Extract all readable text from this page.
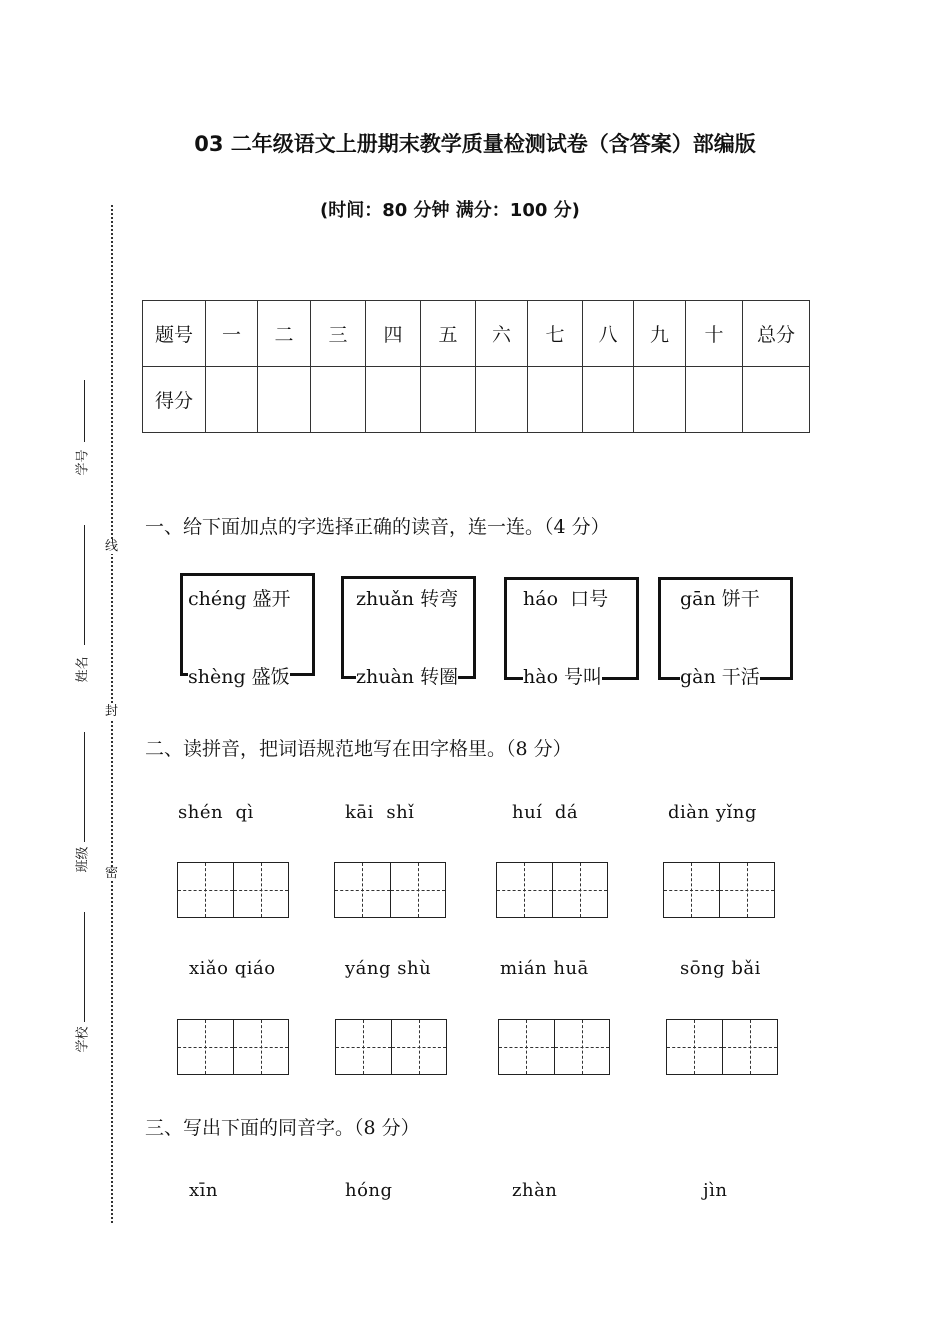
03 二年级语文上册期末教学质量检测试卷（含答案）部编版
(时间：80 分钟 满分：100 分)
线
封
密
学号
姓名
班级
学校
题号	一	二	三	四	五	六	七	八	九	十	总分
得分											
一、给下面加点的字选择正确的读音，连一连。（4 分）
chéng 盛开
shèng 盛饭
zhuǎn 转弯
zhuàn 转圈
háo  口号
hào 号叫
gān 饼干
gàn 干活
二、读拼音，把词语规范地写在田字格里。（8 分）
shén  qì	kāi  shǐ	huí  dá	diàn yǐng
xiǎo qiáo	yáng shù	mián huā	sōng bǎi
三、写出下面的同音字。（8 分）
xīn	hóng	zhàn	jìn
